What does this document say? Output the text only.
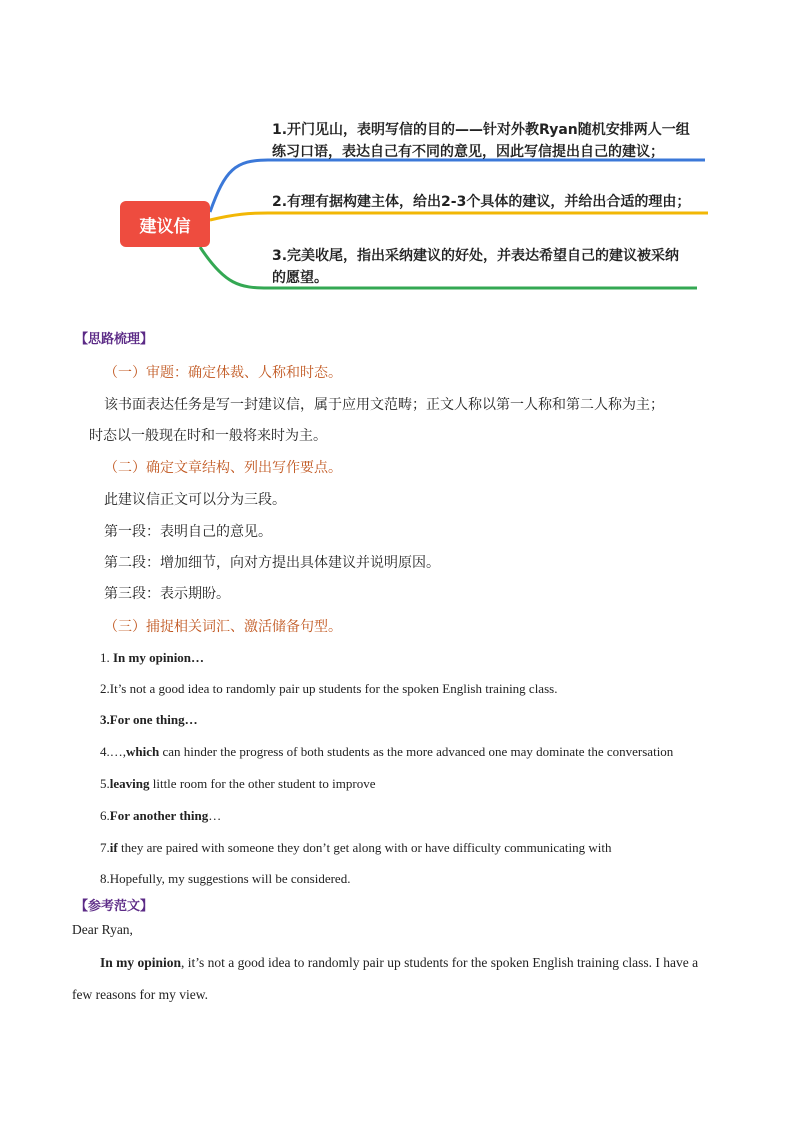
建议信
1.开门见山，表明写信的目的——针对外教Ryan随机安排两人一组练习口语，表达自己有不同的意见，因此写信提出自己的建议；
2.有理有据构建主体，给出2-3个具体的建议，并给出合适的理由；
3.完美收尾，指出采纳建议的好处，并表达希望自己的建议被采纳的愿望。
【思路梳理】
（一）审题：确定体裁、人称和时态。
该书面表达任务是写一封建议信，属于应用文范畴；正文人称以第一人称和第二人称为主；
时态以一般现在时和一般将来时为主。
（二）确定文章结构、列出写作要点。
此建议信正文可以分为三段。
第一段：表明自己的意见。
第二段：增加细节，向对方提出具体建议并说明原因。
第三段：表示期盼。
（三）捕捉相关词汇、激活储备句型。
1. In my opinion…
2.It’s not a good idea to randomly pair up students for the spoken English training class.
3.For one thing…
4.…,which can hinder the progress of both students as the more advanced one may dominate the conversation
5.leaving little room for the other student to improve
6.For another thing…
7.if they are paired with someone they don’t get along with or have difficulty communicating with
8.Hopefully, my suggestions will be considered.
【参考范文】
Dear Ryan,
In my opinion, it’s not a good idea to randomly pair up students for the spoken English training class. I have a
few reasons for my view.
